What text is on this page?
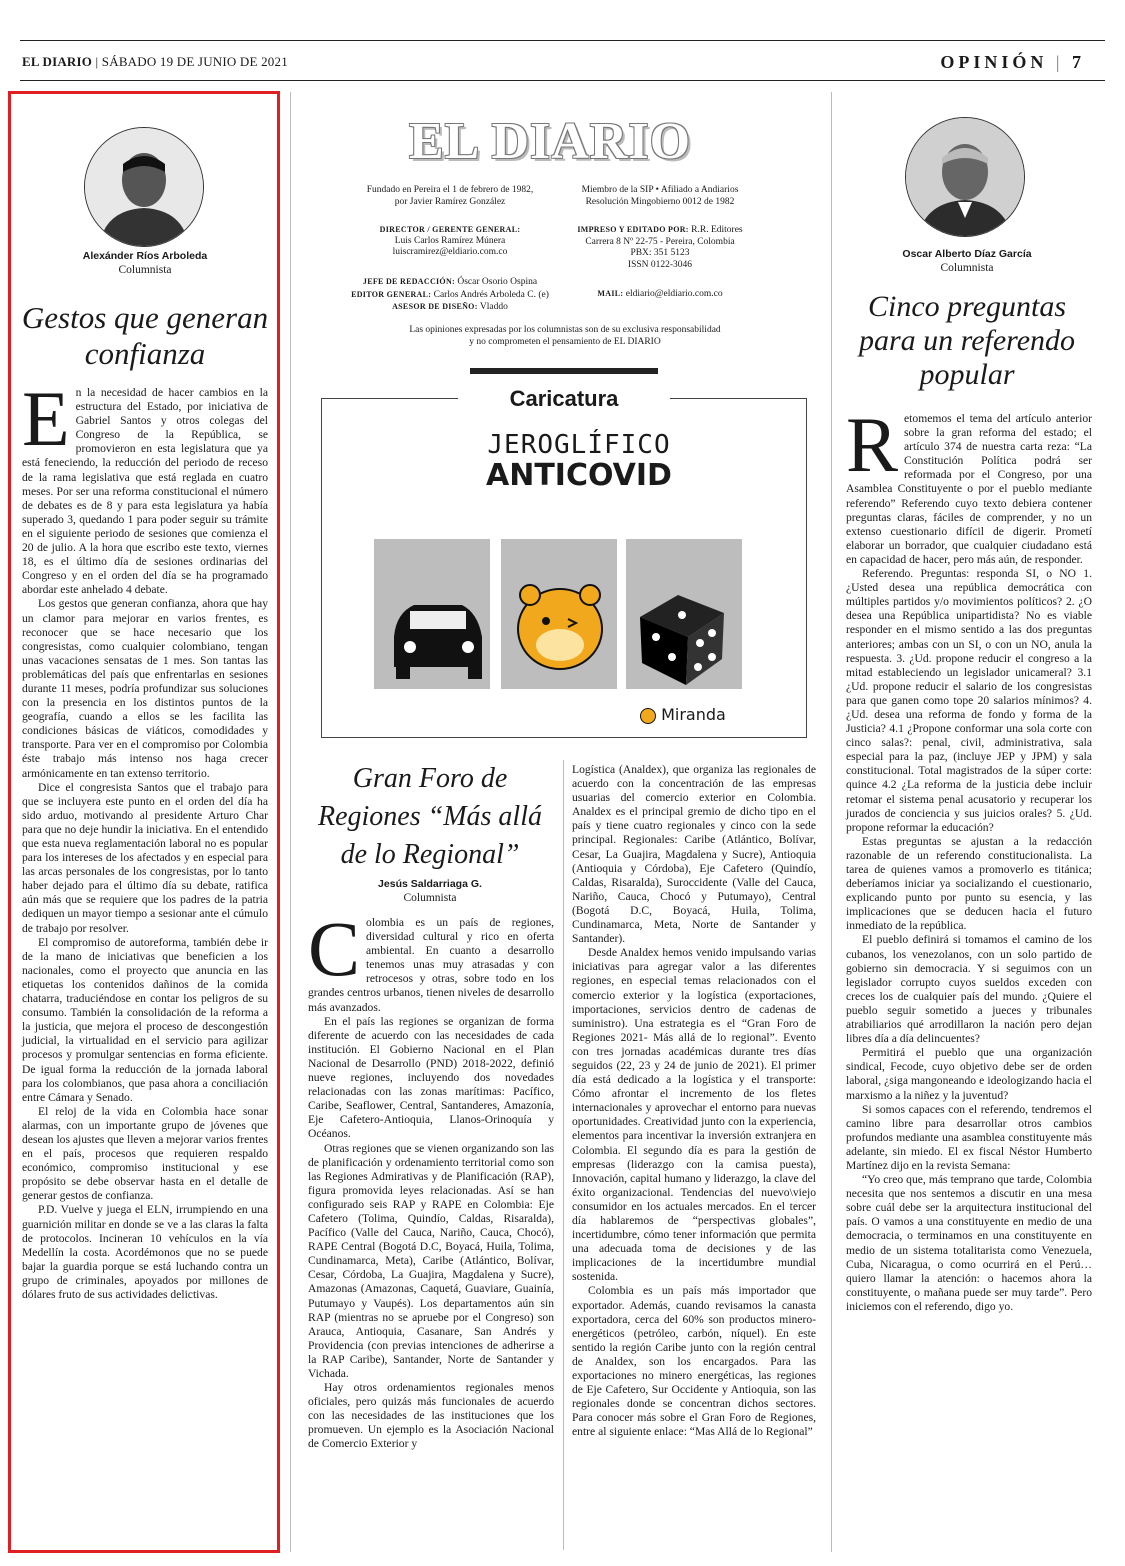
EL DIARIO | SÁBADO 19 DE JUNIO DE 2021	OPINIÓN | 7
Alexánder Ríos Arboleda
Columnista
Gestos que generan confianza

En la necesidad de hacer cambios en la estructura del Estado, por iniciativa de Gabriel Santos y otros colegas del Congreso de la República, se promovieron en esta legislatura que ya está feneciendo, la reducción del periodo de receso de la rama legislativa que está reglada en cuatro meses. Por ser una reforma constitucional el número de debates es de 8 y para esta legislatura ya había superado 3, quedando 1 para poder seguir su trámite en el siguiente periodo de sesiones que comienza el 20 de julio. A la hora que escribo este texto, viernes 18, es el último día de sesiones ordinarias del Congreso y en el orden del día se ha programado abordar este anhelado 4 debate.

Los gestos que generan confianza, ahora que hay un clamor para mejorar en varios frentes, es reconocer que se hace necesario que los congresistas, como cualquier colombiano, tengan unas vacaciones sensatas de 1 mes. Son tantas las problemáticas del país que enfrentarlas en sesiones durante 11 meses, podría profundizar sus soluciones con la presencia en los distintos puntos de la geografía, cuando a ellos se les facilita las condiciones básicas de viáticos, comodidades y transporte. Para ver en el compromiso por Colombia éste trabajo más intenso nos haga crecer armónicamente en tan extenso territorio.

Dice el congresista Santos que el trabajo para que se incluyera este punto en el orden del día ha sido arduo, motivando al presidente Arturo Char para que no deje hundir la iniciativa. En el entendido que esta nueva reglamentación laboral no es popular para los intereses de los afectados y en especial para las arcas personales de los congresistas, por lo tanto haber dejado para el último día su debate, ratifica aún más que se requiere que los padres de la patria dediquen un mayor tiempo a sesionar ante el cúmulo de trabajo por resolver.

El compromiso de autoreforma, también debe ir de la mano de iniciativas que beneficien a los nacionales, como el proyecto que anuncia en las etiquetas los contenidos dañinos de la comida chatarra, traduciéndose en contar los peligros de su consumo. También la consolidación de la reforma a la justicia, que mejora el proceso de descongestión judicial, la virtualidad en el servicio para agilizar procesos y promulgar sentencias en forma eficiente. De igual forma la reducción de la jornada laboral para los colombianos, que pasa ahora a conciliación entre Cámara y Senado.

El reloj de la vida en Colombia hace sonar alarmas, con un importante grupo de jóvenes que desean los ajustes que lleven a mejorar varios frentes en el país, procesos que requieren respaldo económico, compromiso institucional y ese propósito se debe observar hasta en el detalle de generar gestos de confianza.

P.D. Vuelve y juega el ELN, irrumpiendo en una guarnición militar en donde se ve a las claras la falta de protocolos. Incineran 10 vehículos en la vía Medellín la costa. Acordémonos que no se puede bajar la guardia porque se está luchando contra un grupo de criminales, apoyados por millones de dólares fruto de sus actividades delictivas.

EL DIARIO
Fundado en Pereira el 1 de febrero de 1982,
por Javier Ramírez González
Miembro de la SIP • Afiliado a Andiarios
Resolución Mingobierno 0012 de 1982
DIRECTOR / GERENTE GENERAL:
Luis Carlos Ramírez Múnera
luiscramirez@eldiario.com.co
IMPRESO Y EDITADO POR: R.R. Editores
Carrera 8 Nº 22-75 - Pereira, Colombia
PBX: 351 5123
ISSN 0122-3046
JEFE DE REDACCIÓN: Óscar Osorio Ospina
EDITOR GENERAL: Carlos Andrés Arboleda C. (e)
ASESOR DE DISEÑO: Vladdo
MAIL: eldiario@eldiario.com.co
Las opiniones expresadas por los columnistas son de su exclusiva responsabilidad
y no comprometen el pensamiento de EL DIARIO
Caricatura
JEROGLÍFICO
ANTICOVID
Miranda
Gran Foro de
Regiones “Más allá
de lo Regional”
Jesús Saldarriaga G.
Columnista

Colombia es un país de regiones, diversidad cultural y rico en oferta ambiental. En cuanto a desarrollo tenemos unas muy atrasadas y con retrocesos y otras, sobre todo en los grandes centros urbanos, tienen niveles de desarrollo más avanzados.

En el país las regiones se organizan de forma diferente de acuerdo con las necesidades de cada institución. El Gobierno Nacional en el Plan Nacional de Desarrollo (PND) 2018-2022, definió nueve regiones, incluyendo dos novedades relacionadas con las zonas marítimas: Pacífico, Caribe, Seaflower, Central, Santanderes, Amazonía, Eje Cafetero-Antioquia, Llanos-Orinoquía y Océanos.

Otras regiones que se vienen organizando son las de planificación y ordenamiento territorial como son las Regiones Admirativas y de Planificación (RAP), figura promovida leyes relacionadas. Así se han configurado seis RAP y RAPE en Colombia: Eje Cafetero (Tolima, Quindío, Caldas, Risaralda), Pacífico (Valle del Cauca, Nariño, Cauca, Chocó), RAPE Central (Bogotá D.C, Boyacá, Huila, Tolima, Cundinamarca, Meta), Caribe (Atlántico, Bolívar, Cesar, Córdoba, La Guajira, Magdalena y Sucre), Amazonas (Amazonas, Caquetá, Guaviare, Guainía, Putumayo y Vaupés). Los departamentos aún sin RAP (mientras no se apruebe por el Congreso) son Arauca, Antioquia, Casanare, San Andrés y Providencia (con previas intenciones de adherirse a la RAP Caribe), Santander, Norte de Santander y Vichada.

Hay otros ordenamientos regionales menos oficiales, pero quizás más funcionales de acuerdo con las necesidades de las instituciones que los promueven. Un ejemplo es la Asociación Nacional de Comercio Exterior y

Logística (Analdex), que organiza las regionales de acuerdo con la concentración de las empresas usuarias del comercio exterior en Colombia. Analdex es el principal gremio de dicho tipo en el país y tiene cuatro regionales y cinco con la sede principal. Regionales: Caribe (Atlántico, Bolívar, Cesar, La Guajira, Magdalena y Sucre), Antioquia (Antioquia y Córdoba), Eje Cafetero (Quindío, Caldas, Risaralda), Suroccidente (Valle del Cauca, Nariño, Cauca, Chocó y Putumayo), Central (Bogotá D.C, Boyacá, Huila, Tolima, Cundinamarca, Meta, Norte de Santander y Santander).

Desde Analdex hemos venido impulsando varias iniciativas para agregar valor a las diferentes regiones, en especial temas relacionados con el comercio exterior y la logística (exportaciones, importaciones, servicios dentro de cadenas de suministro). Una estrategia es el “Gran Foro de Regiones 2021- Más allá de lo regional”. Evento con tres jornadas académicas durante tres días seguidos (22, 23 y 24 de junio de 2021). El primer día está dedicado a la logística y el transporte: Cómo afrontar el incremento de los fletes internacionales y aprovechar el entorno para nuevas oportunidades. Creatividad junto con la experiencia, elementos para incentivar la inversión extranjera en Colombia. El segundo día es para la gestión de empresas (liderazgo con la camisa puesta), Innovación, capital humano y liderazgo, la clave del éxito organizacional. Tendencias del nuevo\viejo consumidor en los actuales mercados. En el tercer día hablaremos de “perspectivas globales”, incertidumbre, cómo tener información que permita una adecuada toma de decisiones y de las implicaciones de la incertidumbre mundial sostenida.

Colombia es un país más importador que exportador. Además, cuando revisamos la canasta exportadora, cerca del 60% son productos minero-energéticos (petróleo, carbón, níquel). En este sentido la región Caribe junto con la región central de Analdex, son los encargados. Para las exportaciones no minero energéticas, las regiones de Eje Cafetero, Sur Occidente y Antioquia, son las regionales donde se concentran dichos sectores. Para conocer más sobre el Gran Foro de Regiones, entre al siguiente enlace: “Mas Allá de lo Regional”

Oscar Alberto Díaz García
Columnista
Cinco preguntas
para un referendo
popular

Retomemos el tema del artículo anterior sobre la gran reforma del estado; el artículo 374 de nuestra carta reza: “La Constitución Política podrá ser reformada por el Congreso, por una Asamblea Constituyente o por el pueblo mediante referendo” Referendo cuyo texto debiera contener preguntas claras, fáciles de comprender, y no un extenso cuestionario difícil de digerir. Prometí elaborar un borrador, que cualquier ciudadano está en capacidad de hacer, pero más aún, de responder.

Referendo. Preguntas: responda SI, o NO 1. ¿Usted desea una república democrática con múltiples partidos y/o movimientos políticos? 2. ¿O desea una República unipartidista? No es viable responder en el mismo sentido a las dos preguntas anteriores; ambas con un SI, o con un NO, anula la respuesta. 3. ¿Ud. propone reducir el congreso a la mitad estableciendo un legislador unicameral? 3.1 ¿Ud. propone reducir el salario de los congresistas para que ganen como tope 20 salarios mínimos? 4. ¿Ud. desea una reforma de fondo y forma de la Justicia? 4.1 ¿Propone conformar una sola corte con cinco salas?: penal, civil, administrativa, sala especial para la paz, (incluye JEP y JPM) y sala constitucional. Total magistrados de la súper corte: quince 4.2 ¿La reforma de la justicia debe incluir retomar el sistema penal acusatorio y recuperar los jurados de conciencia y sus juicios orales? 5. ¿Ud. propone reformar la educación?

Estas preguntas se ajustan a la redacción razonable de un referendo constitucionalista. La tarea de quienes vamos a promoverlo es titánica; deberíamos iniciar ya socializando el cuestionario, explicando punto por punto su esencia, y las implicaciones que se deducen hacia el futuro inmediato de la república.

El pueblo definirá si tomamos el camino de los cubanos, los venezolanos, con un solo partido de gobierno sin democracia. Y si seguimos con un legislador corrupto cuyos sueldos exceden con creces los de cualquier país del mundo. ¿Quiere el pueblo seguir sometido a jueces y tribunales atrabiliarios qué arrodillaron la nación pero dejan libres día a día delincuentes?

Permitirá el pueblo que una organización sindical, Fecode, cuyo objetivo debe ser de orden laboral, ¿siga mangoneando e ideologizando hacia el marxismo a la niñez y la juventud?

Si somos capaces con el referendo, tendremos el camino libre para desarrollar otros cambios profundos mediante una asamblea constituyente más adelante, sin miedo. El ex fiscal Néstor Humberto Martínez dijo en la revista Semana:

“Yo creo que, más temprano que tarde, Colombia necesita que nos sentemos a discutir en una mesa sobre cuál debe ser la arquitectura institucional del país. O vamos a una constituyente en medio de una democracia, o terminamos en una constituyente en medio de un sistema totalitarista como Venezuela, Cuba, Nicaragua, o como ocurrirá en el Perú… quiero llamar la atención: o hacemos ahora la constituyente, o mañana puede ser muy tarde”. Pero iniciemos con el referendo, digo yo.
